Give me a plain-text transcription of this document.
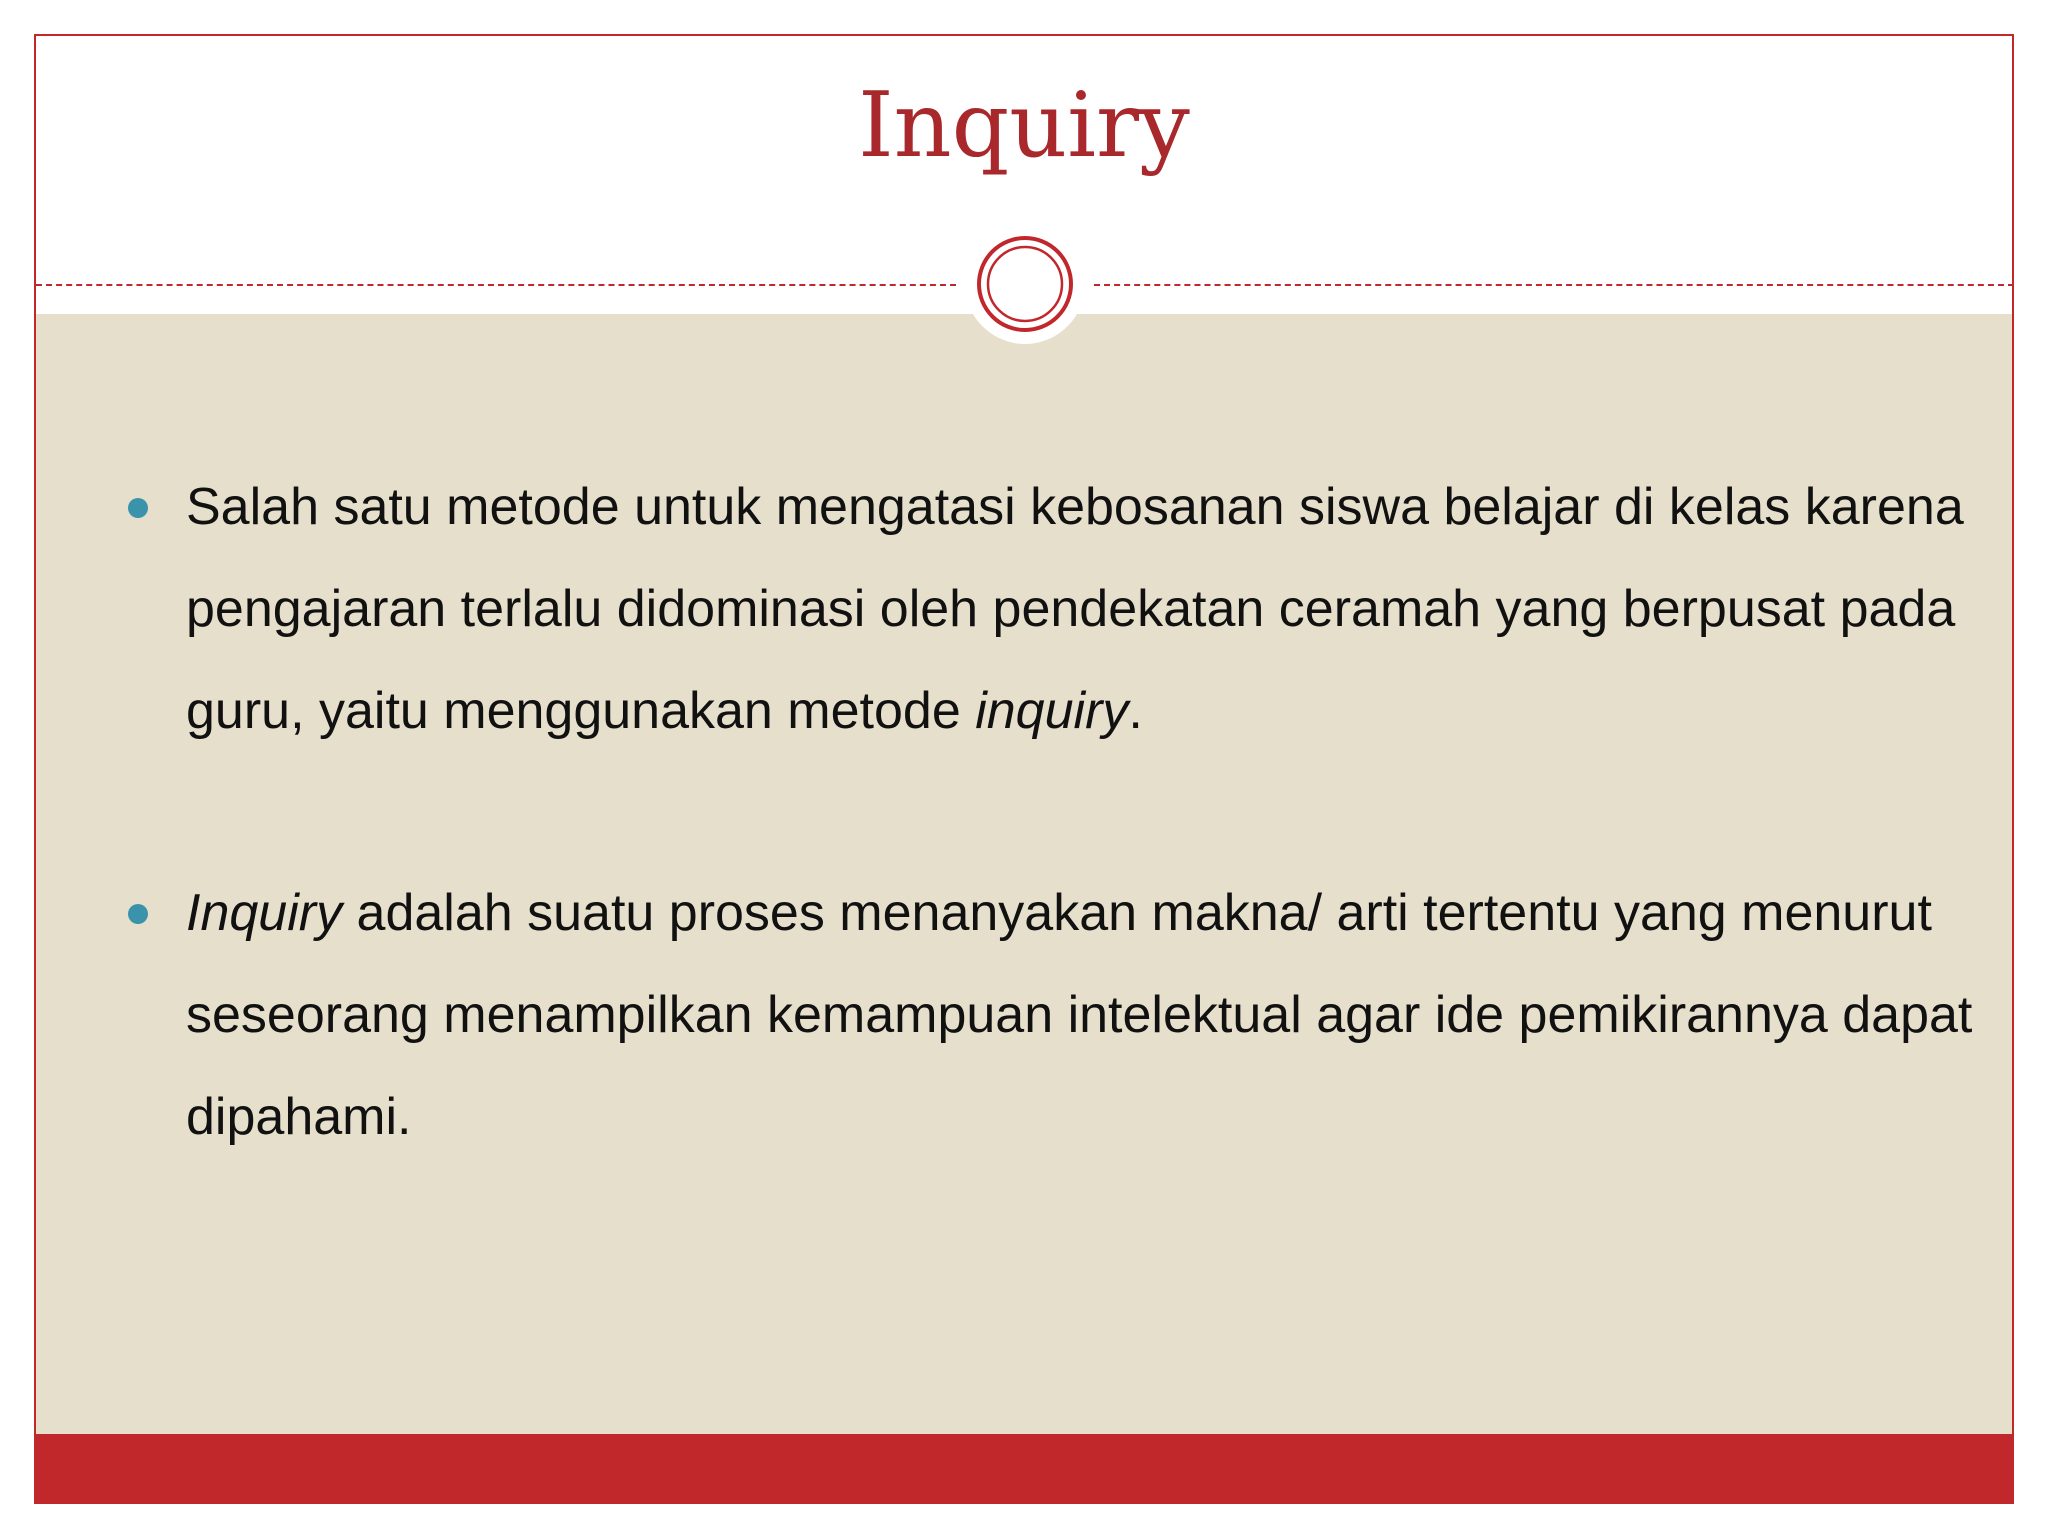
Inquiry
Salah satu metode untuk mengatasi kebosanan siswa belajar di kelas karena pengajaran terlalu didominasi oleh pendekatan ceramah yang berpusat pada guru, yaitu menggunakan metode inquiry.
Inquiry adalah suatu proses menanyakan makna/ arti tertentu yang menurut seseorang menampilkan kemampuan intelektual agar ide pemikirannya dapat dipahami.
